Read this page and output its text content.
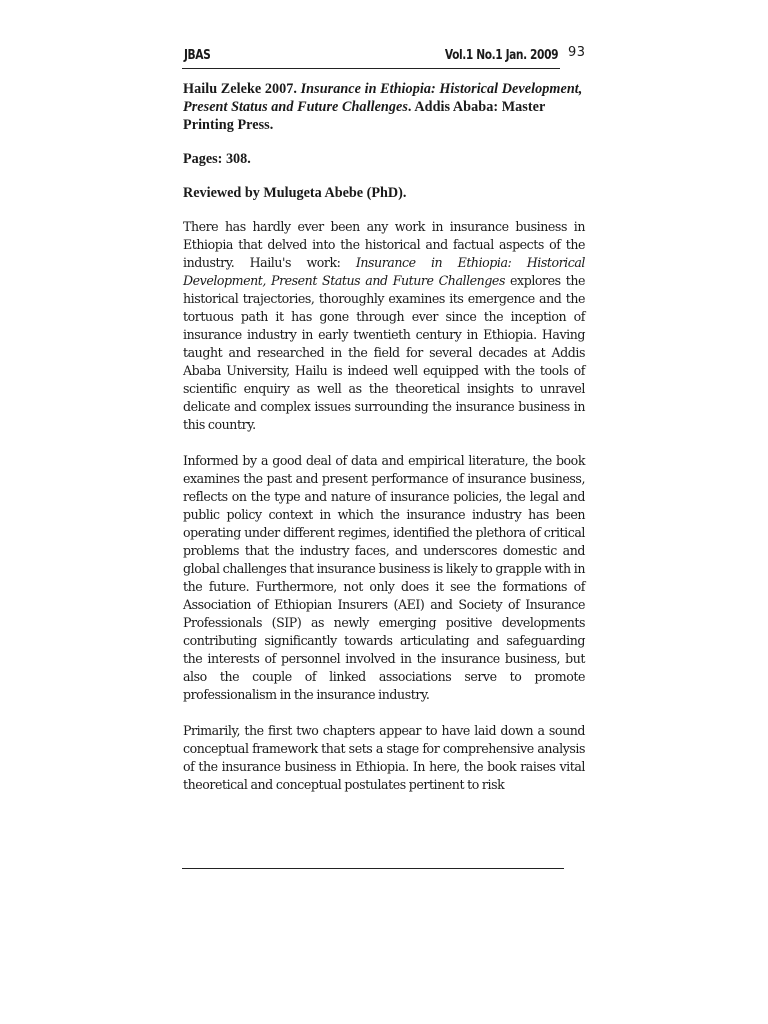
JBAS	Vol.1 No.1 Jan. 2009 93

Hailu Zeleke 2007. Insurance in Ethiopia: Historical Development, Present Status and Future Challenges. Addis Ababa: Master Printing Press.

Pages: 308.

Reviewed by Mulugeta Abebe (PhD).

There has hardly ever been any work in insurance business in Ethiopia that delved into the historical and factual aspects of the industry. Hailu's work: Insurance in Ethiopia: Historical Development, Present Status and Future Challenges explores the historical trajectories, thoroughly examines its emergence and the tortuous path it has gone through ever since the inception of insurance industry in early twentieth century in Ethiopia. Having taught and researched in the field for several decades at Addis Ababa University, Hailu is indeed well equipped with the tools of scientific enquiry as well as the theoretical insights to unravel delicate and complex issues surrounding the insurance business in this country.

Informed by a good deal of data and empirical literature, the book examines the past and present performance of insurance business, reflects on the type and nature of insurance policies, the legal and public policy context in which the insurance industry has been operating under different regimes, identified the plethora of critical problems that the industry faces, and underscores domestic and global challenges that insurance business is likely to grapple with in the future. Furthermore, not only does it see the formations of Association of Ethiopian Insurers (AEI) and Society of Insurance Professionals (SIP) as newly emerging positive developments contributing significantly towards articulating and safeguarding the interests of personnel involved in the insurance business, but also the couple of linked associations serve to promote professionalism in the insurance industry.

Primarily, the first two chapters appear to have laid down a sound conceptual framework that sets a stage for comprehensive analysis of the insurance business in Ethiopia. In here, the book raises vital theoretical and conceptual postulates pertinent to risk
